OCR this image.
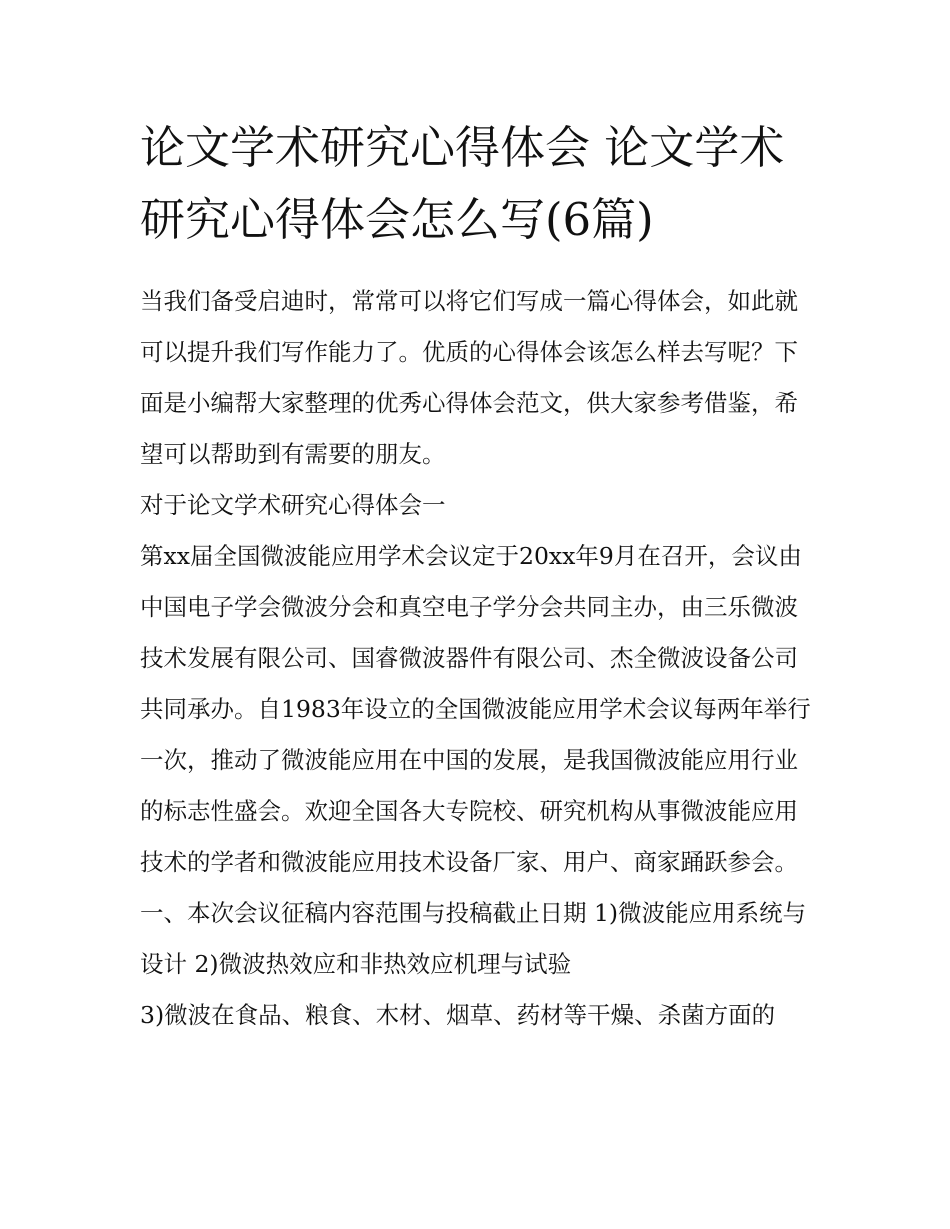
论文学术研究心得体会 论文学术研究心得体会怎么写(6篇)

当我们备受启迪时，常常可以将它们写成一篇心得体会，如此就可以提升我们写作能力了。优质的心得体会该怎么样去写呢？下面是小编帮大家整理的优秀心得体会范文，供大家参考借鉴，希望可以帮助到有需要的朋友。

对于论文学术研究心得体会一

第xx届全国微波能应用学术会议定于20xx年9月在召开，会议由中国电子学会微波分会和真空电子学分会共同主办，由三乐微波技术发展有限公司、国睿微波器件有限公司、杰全微波设备公司共同承办。自1983年设立的全国微波能应用学术会议每两年举行一次，推动了微波能应用在中国的发展，是我国微波能应用行业的标志性盛会。欢迎全国各大专院校、研究机构从事微波能应用技术的学者和微波能应用技术设备厂家、用户、商家踊跃参会。

一、本次会议征稿内容范围与投稿截止日期 1)微波能应用系统与设计 2)微波热效应和非热效应机理与试验

3)微波在食品、粮食、木材、烟草、药材等干燥、杀菌方面的
